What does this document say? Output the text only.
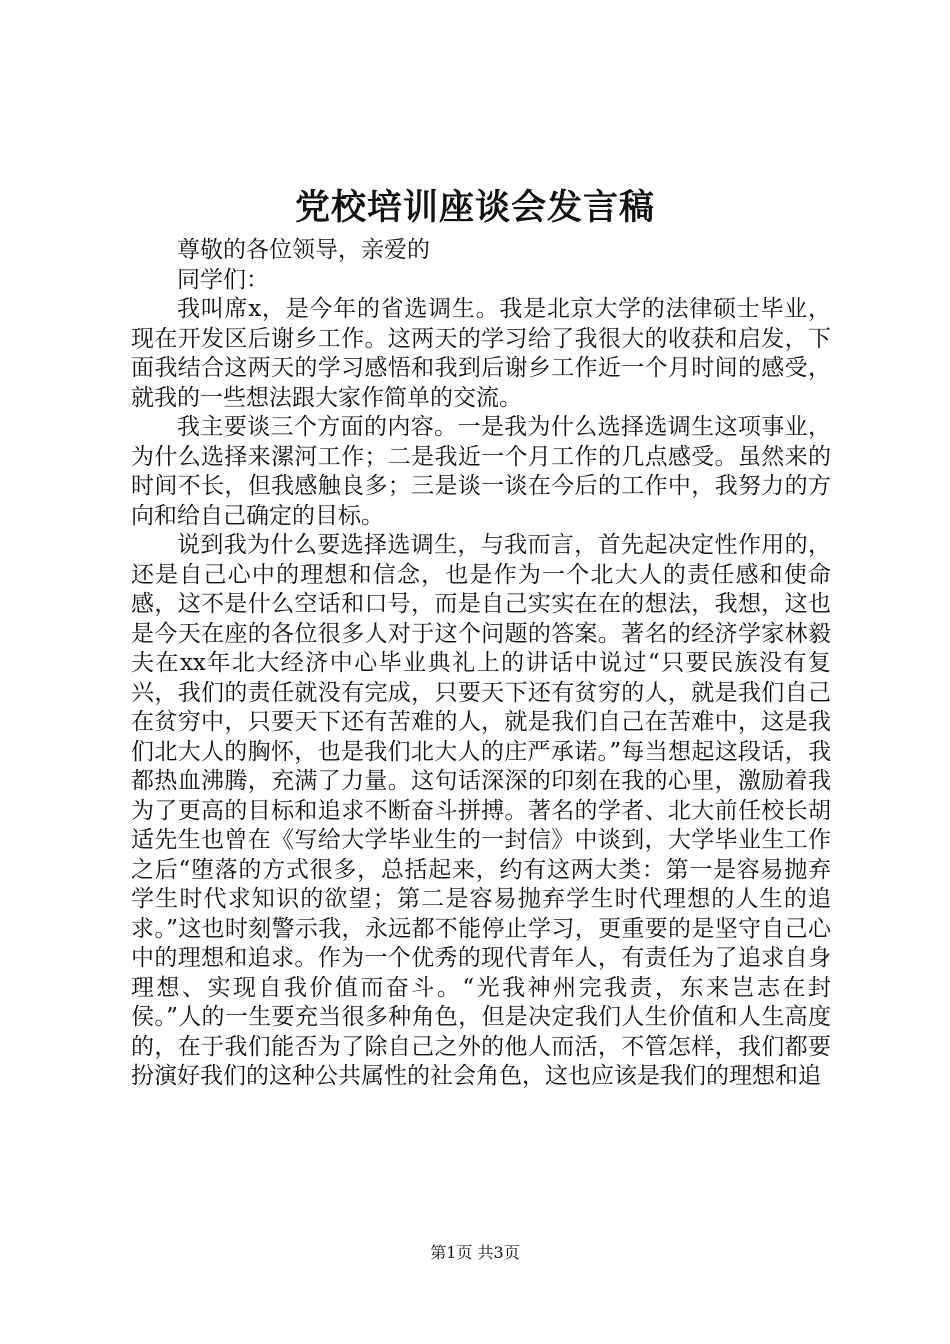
党校培训座谈会发言稿

尊敬的各位领导，亲爱的

同学们：

我叫席x，是今年的省选调生。我是北京大学的法律硕士毕业，现在开发区后谢乡工作。这两天的学习给了我很大的收获和启发，下面我结合这两天的学习感悟和我到后谢乡工作近一个月时间的感受，就我的一些想法跟大家作简单的交流。

我主要谈三个方面的内容。一是我为什么选择选调生这项事业，为什么选择来漯河工作；二是我近一个月工作的几点感受。虽然来的时间不长，但我感触良多；三是谈一谈在今后的工作中，我努力的方向和给自己确定的目标。

说到我为什么要选择选调生，与我而言，首先起决定性作用的，还是自己心中的理想和信念，也是作为一个北大人的责任感和使命感，这不是什么空话和口号，而是自己实实在在的想法，我想，这也是今天在座的各位很多人对于这个问题的答案。著名的经济学家林毅夫在xx年北大经济中心毕业典礼上的讲话中说过“只要民族没有复兴，我们的责任就没有完成，只要天下还有贫穷的人，就是我们自己在贫穷中，只要天下还有苦难的人，就是我们自己在苦难中，这是我们北大人的胸怀，也是我们北大人的庄严承诺。”每当想起这段话，我都热血沸腾，充满了力量。这句话深深的印刻在我的心里，激励着我为了更高的目标和追求不断奋斗拼搏。著名的学者、北大前任校长胡适先生也曾在《写给大学毕业生的一封信》中谈到，大学毕业生工作之后“堕落的方式很多，总括起来，约有这两大类：第一是容易抛弃学生时代求知识的欲望；第二是容易抛弃学生时代理想的人生的追求。”这也时刻警示我，永远都不能停止学习，更重要的是坚守自己心中的理想和追求。作为一个优秀的现代青年人，有责任为了追求自身理想、实现自我价值而奋斗。“光我神州完我责，东来岂志在封侯。”人的一生要充当很多种角色，但是决定我们人生价值和人生高度的，在于我们能否为了除自己之外的他人而活，不管怎样，我们都要扮演好我们的这种公共属性的社会角色，这也应该是我们的理想和追

第1页 共3页
